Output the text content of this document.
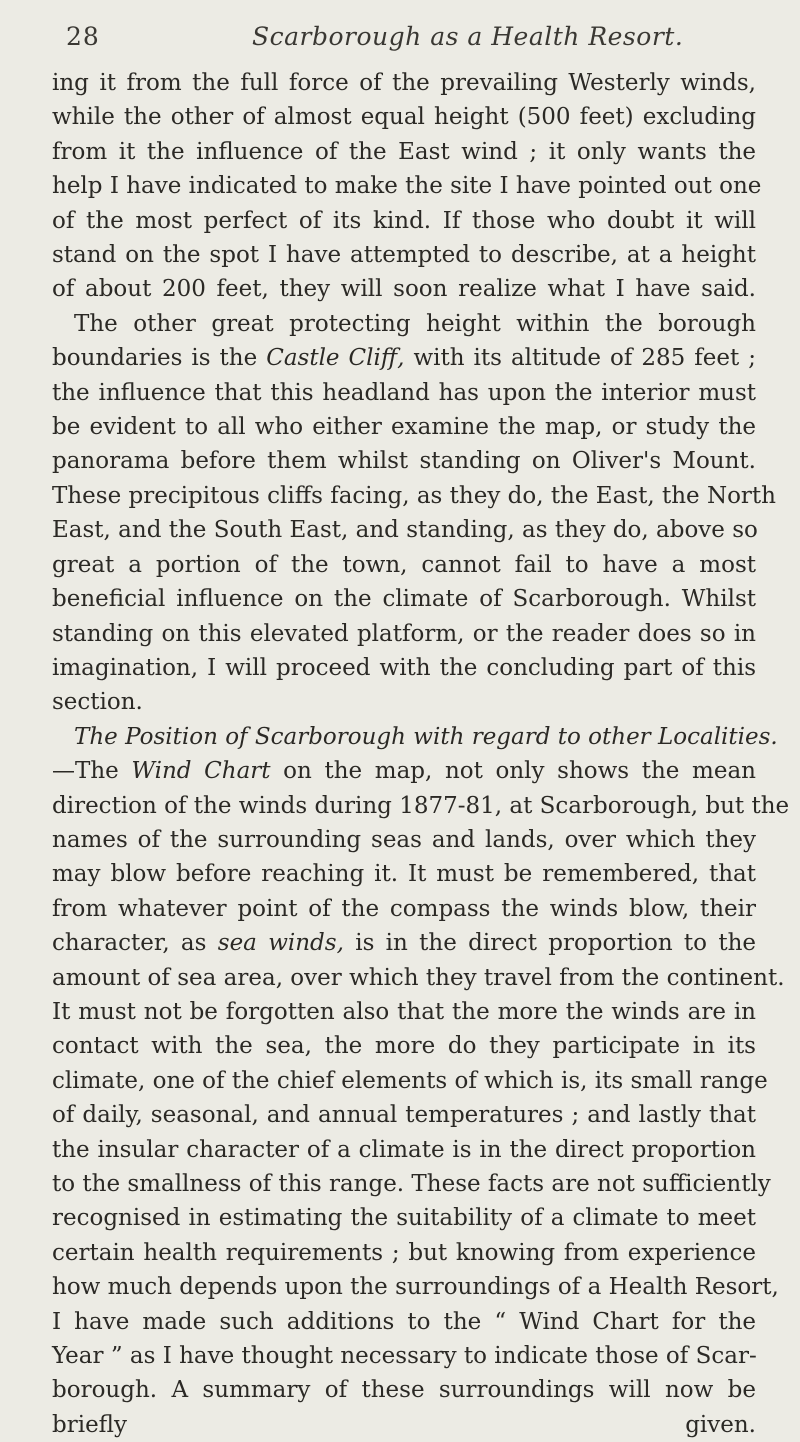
28	Scarborough as a Health Resort.

ing it from the full force of the prevailing Westerly winds,
while the other of almost equal height (500 feet) excluding
from it the influence of the East wind ; it only wants the
help I have indicated to make the site I have pointed out one
of the most perfect of its kind. If those who doubt it will
stand on the spot I have attempted to describe, at a height
of about 200 feet, they will soon realize what I have said.

The other great protecting height within the borough
boundaries is the Castle Cliff, with its altitude of 285 feet ;
the influence that this headland has upon the interior must
be evident to all who either examine the map, or study the
panorama before them whilst standing on Oliver's Mount.
These precipitous cliffs facing, as they do, the East, the North
East, and the South East, and standing, as they do, above so
great a portion of the town, cannot fail to have a most
beneficial influence on the climate of Scarborough. Whilst
standing on this elevated platform, or the reader does so in
imagination, I will proceed with the concluding part of this
section.

The Position of Scarborough with regard to other Localities.
—The Wind Chart on the map, not only shows the mean
direction of the winds during 1877-81, at Scarborough, but the
names of the surrounding seas and lands, over which they
may blow before reaching it. It must be remembered, that
from whatever point of the compass the winds blow, their
character, as sea winds, is in the direct proportion to the
amount of sea area, over which they travel from the continent.
It must not be forgotten also that the more the winds are in
contact with the sea, the more do they participate in its
climate, one of the chief elements of which is, its small range
of daily, seasonal, and annual temperatures ; and lastly that
the insular character of a climate is in the direct proportion
to the smallness of this range. These facts are not sufficiently
recognised in estimating the suitability of a climate to meet
certain health requirements ; but knowing from experience
how much depends upon the surroundings of a Health Resort,
I have made such additions to the “ Wind Chart for the
Year ” as I have thought necessary to indicate those of Scar-
borough. A summary of these surroundings will now be
briefly given.
